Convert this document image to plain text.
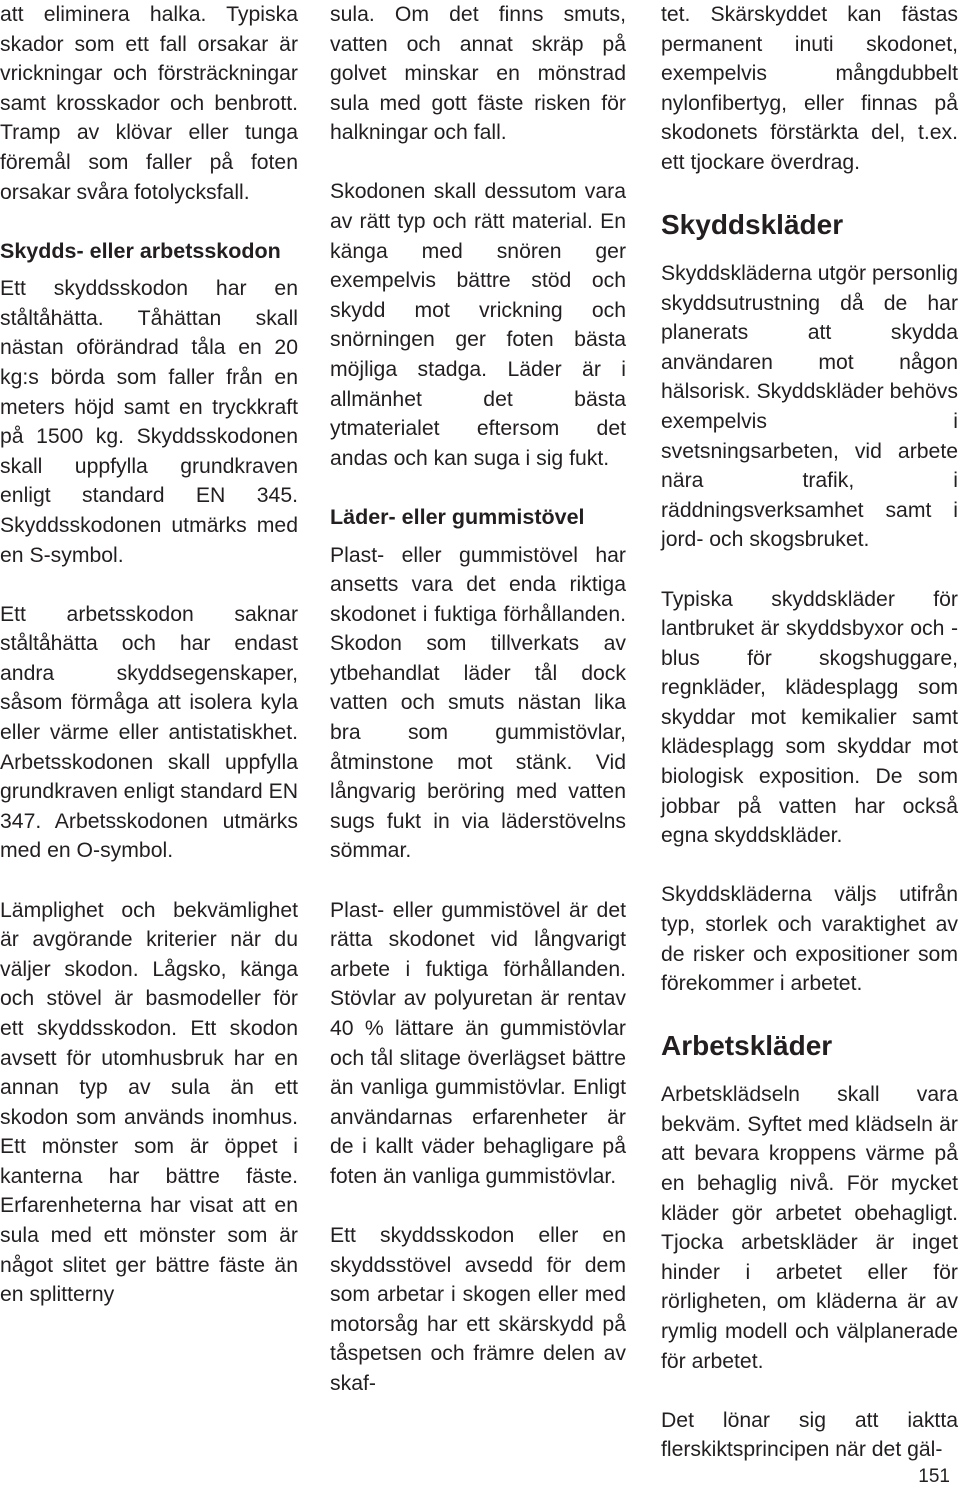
att eliminera halka. Typiska skador som ett fall orsakar är vrickningar och försträckningar samt krosskador och benbrott. Tramp av klövar eller tunga föremål som faller på foten orsakar svåra fotolycksfall.

Skydds- eller arbetsskodon

Ett skyddsskodon har en ståltåhätta. Tåhättan skall nästan oförändrad tåla en 20 kg:s börda som faller från en meters höjd samt en tryckkraft på 1500 kg. Skyddsskodonen skall uppfylla grundkraven enligt standard EN 345. Skyddsskodonen utmärks med en S-symbol.

Ett arbetsskodon saknar ståltåhätta och har endast andra skyddsegenskaper, såsom förmåga att isolera kyla eller värme eller antistatiskhet. Arbetsskodonen skall uppfylla grundkraven enligt standard EN 347. Arbetsskodonen utmärks med en O-symbol.

Lämplighet och bekvämlighet är avgörande kriterier när du väljer skodon. Lågsko, känga och stövel är basmodeller för ett skyddsskodon. Ett skodon avsett för utomhusbruk har en annan typ av sula än ett skodon som används inomhus. Ett mönster som är öppet i kanterna har bättre fäste. Erfarenheterna har visat att en sula med ett mönster som är något slitet ger bättre fäste än en splitterny

sula. Om det finns smuts, vatten och annat skräp på golvet minskar en mönstrad sula med gott fäste risken för halkningar och fall.

Skodonen skall dessutom vara av rätt typ och rätt material. En känga med snören ger exempelvis bättre stöd och skydd mot vrickning och snörningen ger foten bästa möjliga stadga. Läder är i allmänhet det bästa ytmaterialet eftersom det andas och kan suga i sig fukt.

Läder- eller gummistövel

Plast- eller gummistövel har ansetts vara det enda riktiga skodonet i fuktiga förhållanden. Skodon som tillverkats av ytbehandlat läder tål dock vatten och smuts nästan lika bra som gummistövlar, åtminstone mot stänk. Vid långvarig beröring med vatten sugs fukt in via läderstövelns sömmar.

Plast- eller gummistövel är det rätta skodonet vid långvarigt arbete i fuktiga förhållanden. Stövlar av polyuretan är rentav 40 % lättare än gummistövlar och tål slitage överlägset bättre än vanliga gummistövlar. Enligt användarnas erfarenheter är de i kallt väder behagligare på foten än vanliga gummistövlar.

Ett skyddsskodon eller en skyddsstövel avsedd för dem som arbetar i skogen eller med motorsåg har ett skärskydd på tåspetsen och främre delen av skaf-

tet. Skärskyddet kan fästas permanent inuti skodonet, exempelvis mångdubbelt nylonfibertyg, eller finnas på skodonets förstärkta del, t.ex. ett tjockare överdrag.

Skyddskläder

Skyddskläderna utgör personlig skyddsutrustning då de har planerats att skydda användaren mot någon hälsorisk. Skyddskläder behövs exempelvis i svetsningsarbeten, vid arbete nära trafik, i räddningsverksamhet samt i jord- och skogsbruket.

Typiska skyddskläder för lantbruket är skyddsbyxor och -blus för skogshuggare, regnkläder, klädesplagg som skyddar mot kemikalier samt klädesplagg som skyddar mot biologisk exposition. De som jobbar på vatten har också egna skyddskläder.

Skyddskläderna väljs utifrån typ, storlek och varaktighet av de risker och expositioner som förekommer i arbetet.

Arbetskläder

Arbetsklädseln skall vara bekväm. Syftet med klädseln är att bevara kroppens värme på en behaglig nivå. För mycket kläder gör arbetet obehagligt. Tjocka arbetskläder är inget hinder i arbetet eller för rörligheten, om kläderna är av rymlig modell och välplanerade för arbetet.

Det lönar sig att iaktta flerskiktsprincipen när det gäl-

151
